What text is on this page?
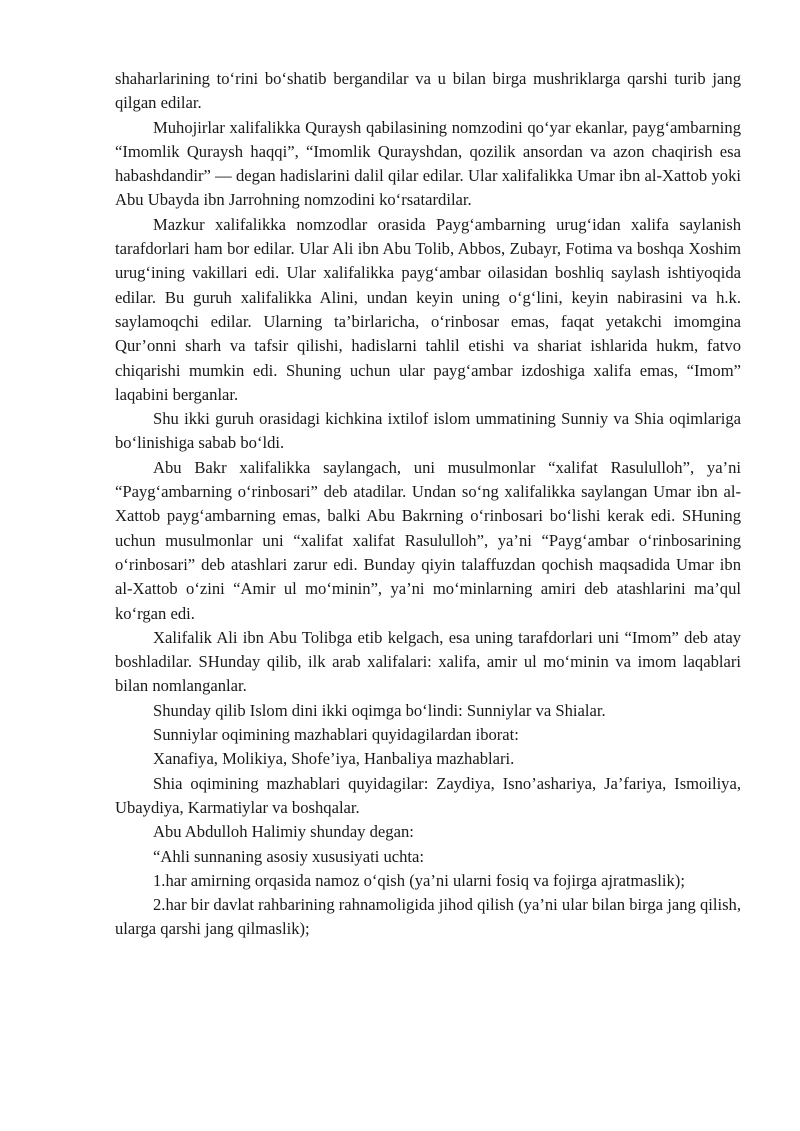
shaharlarining to‘rini bo‘shatib bergandilar va u bilan birga mushriklarga qarshi turib jang qilgan edilar.

Muhojirlar xalifalikka Quraysh qabilasining nomzodini qo‘yar ekanlar, payg‘ambarning “Imomlik Quraysh haqqi”, “Imomlik Qurayshdan, qozilik ansordan va azon chaqirish esa habashdandir” — degan hadislarini dalil qilar edilar. Ular xalifalikka Umar ibn al-Xattob yoki Abu Ubayda ibn Jarrohning nomzodini ko‘rsatardilar.

Mazkur xalifalikka nomzodlar orasida Payg‘ambarning urug‘idan xalifa saylanish tarafdorlari ham bor edilar. Ular Ali ibn Abu Tolib, Abbos, Zubayr, Fotima va boshqa Xoshim urug‘ining vakillari edi. Ular xalifalikka payg‘ambar oilasidan boshliq saylash ishtiyoqida edilar. Bu guruh xalifalikka Alini, undan keyin uning o‘g‘lini, keyin nabirasini va h.k. saylamoqchi edilar. Ularning ta’birlaricha, o‘rinbosar emas, faqat yetakchi imomgina Qur’onni sharh va tafsir qilishi, hadislarni tahlil etishi va shariat ishlarida hukm, fatvo chiqarishi mumkin edi. Shuning uchun ular payg‘ambar izdoshiga xalifa emas, “Imom” laqabini berganlar.

Shu ikki guruh orasidagi kichkina ixtilof islom ummatining Sunniy va Shia oqimlariga bo‘linishiga sabab bo‘ldi.

Abu Bakr xalifalikka saylangach, uni musulmonlar “xalifat Rasululloh”, ya’ni “Payg‘ambarning o‘rinbosari” deb atadilar. Undan so‘ng xalifalikka saylangan Umar ibn al-Xattob payg‘ambarning emas, balki Abu Bakrning o‘rinbosari bo‘lishi kerak edi. SHuning uchun musulmonlar uni “xalifat xalifat Rasululloh”, ya’ni “Payg‘ambar o‘rinbosarining o‘rinbosari” deb atashlari zarur edi. Bunday qiyin talaffuzdan qochish maqsadida Umar ibn al-Xattob o‘zini “Amir ul mo‘minin”, ya’ni mo‘minlarning amiri deb atashlarini ma’qul ko‘rgan edi.

Xalifalik Ali ibn Abu Tolibga etib kelgach, esa uning tarafdorlari uni “Imom” deb atay boshladilar. SHunday qilib, ilk arab xalifalari: xalifa, amir ul mo‘minin va imom laqablari bilan nomlanganlar.

Shunday qilib Islom dini ikki oqimga bo‘lindi: Sunniylar va Shialar.

Sunniylar oqimining mazhablari quyidagilardan iborat:

Xanafiya, Molikiya, Shofe’iya, Hanbaliya mazhablari.

Shia oqimining mazhablari quyidagilar: Zaydiya, Isno’ashariya, Ja’fariya, Ismoiliya, Ubaydiya, Karmatiylar va boshqalar.

Abu Abdulloh Halimiy shunday degan:

“Ahli sunnaning asosiy xususiyati uchta:

1.har amirning orqasida namoz o‘qish (ya’ni ularni fosiq va fojirga ajratmaslik);

2.har bir davlat rahbarining rahnamoligida jihod qilish (ya’ni ular bilan birga jang qilish, ularga qarshi jang qilmaslik);
